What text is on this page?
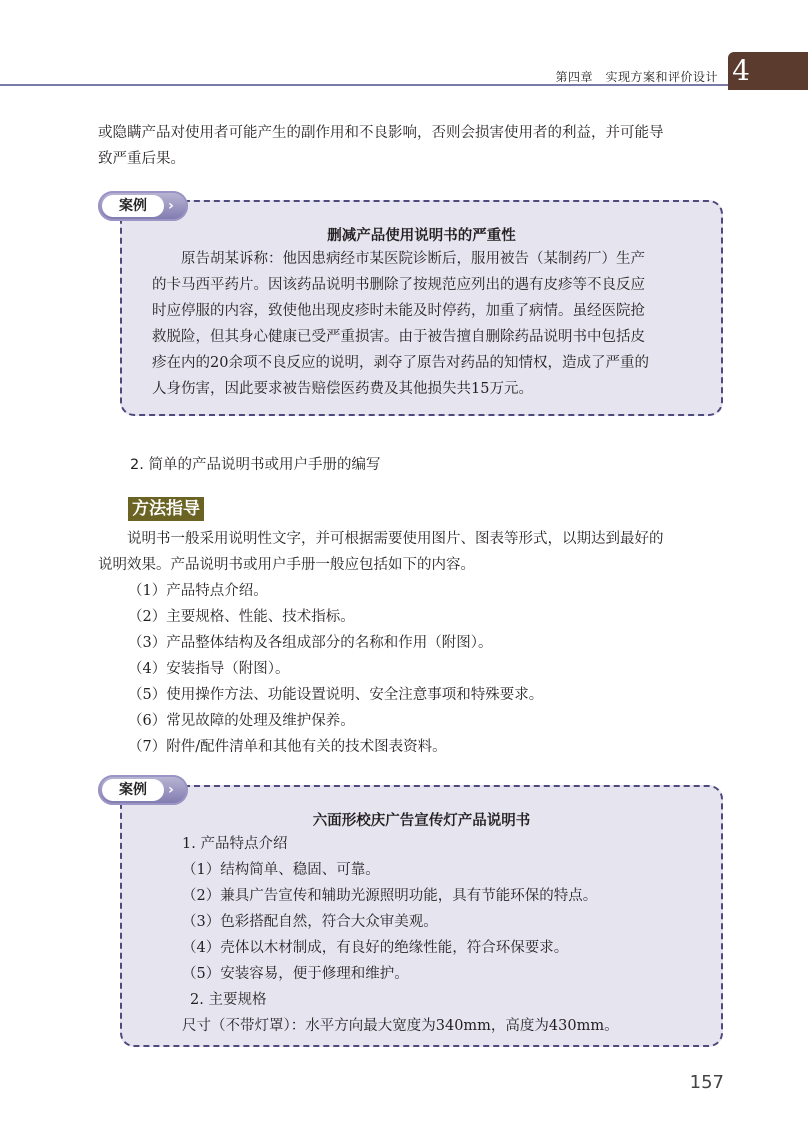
第四章　实现方案和评价设计 4
或隐瞒产品对使用者可能产生的副作用和不良影响，否则会损害使用者的利益，并可能导
致严重后果。
删减产品使用说明书的严重性
原告胡某诉称：他因患病经市某医院诊断后，服用被告（某制药厂）生产
的卡马西平药片。因该药品说明书删除了按规范应列出的遇有皮疹等不良反应
时应停服的内容，致使他出现皮疹时未能及时停药，加重了病情。虽经医院抢
救脱险，但其身心健康已受严重损害。由于被告擅自删除药品说明书中包括皮
疹在内的20余项不良反应的说明，剥夺了原告对药品的知情权，造成了严重的
人身伤害，因此要求被告赔偿医药费及其他损失共15万元。
案例	›
2. 简单的产品说明书或用户手册的编写
方法指导
说明书一般采用说明性文字，并可根据需要使用图片、图表等形式，以期达到最好的
说明效果。产品说明书或用户手册一般应包括如下的内容。
（1）产品特点介绍。
（2）主要规格、性能、技术指标。
（3）产品整体结构及各组成部分的名称和作用（附图）。
（4）安装指导（附图）。
（5）使用操作方法、功能设置说明、安全注意事项和特殊要求。
（6）常见故障的处理及维护保养。
（7）附件/配件清单和其他有关的技术图表资料。
六面形校庆广告宣传灯产品说明书
1. 产品特点介绍
（1）结构简单、稳固、可靠。
（2）兼具广告宣传和辅助光源照明功能，具有节能环保的特点。
（3）色彩搭配自然，符合大众审美观。
（4）壳体以木材制成，有良好的绝缘性能，符合环保要求。
（5）安装容易，便于修理和维护。
2. 主要规格
尺寸（不带灯罩）：水平方向最大宽度为340mm，高度为430mm。
案例	›
157
